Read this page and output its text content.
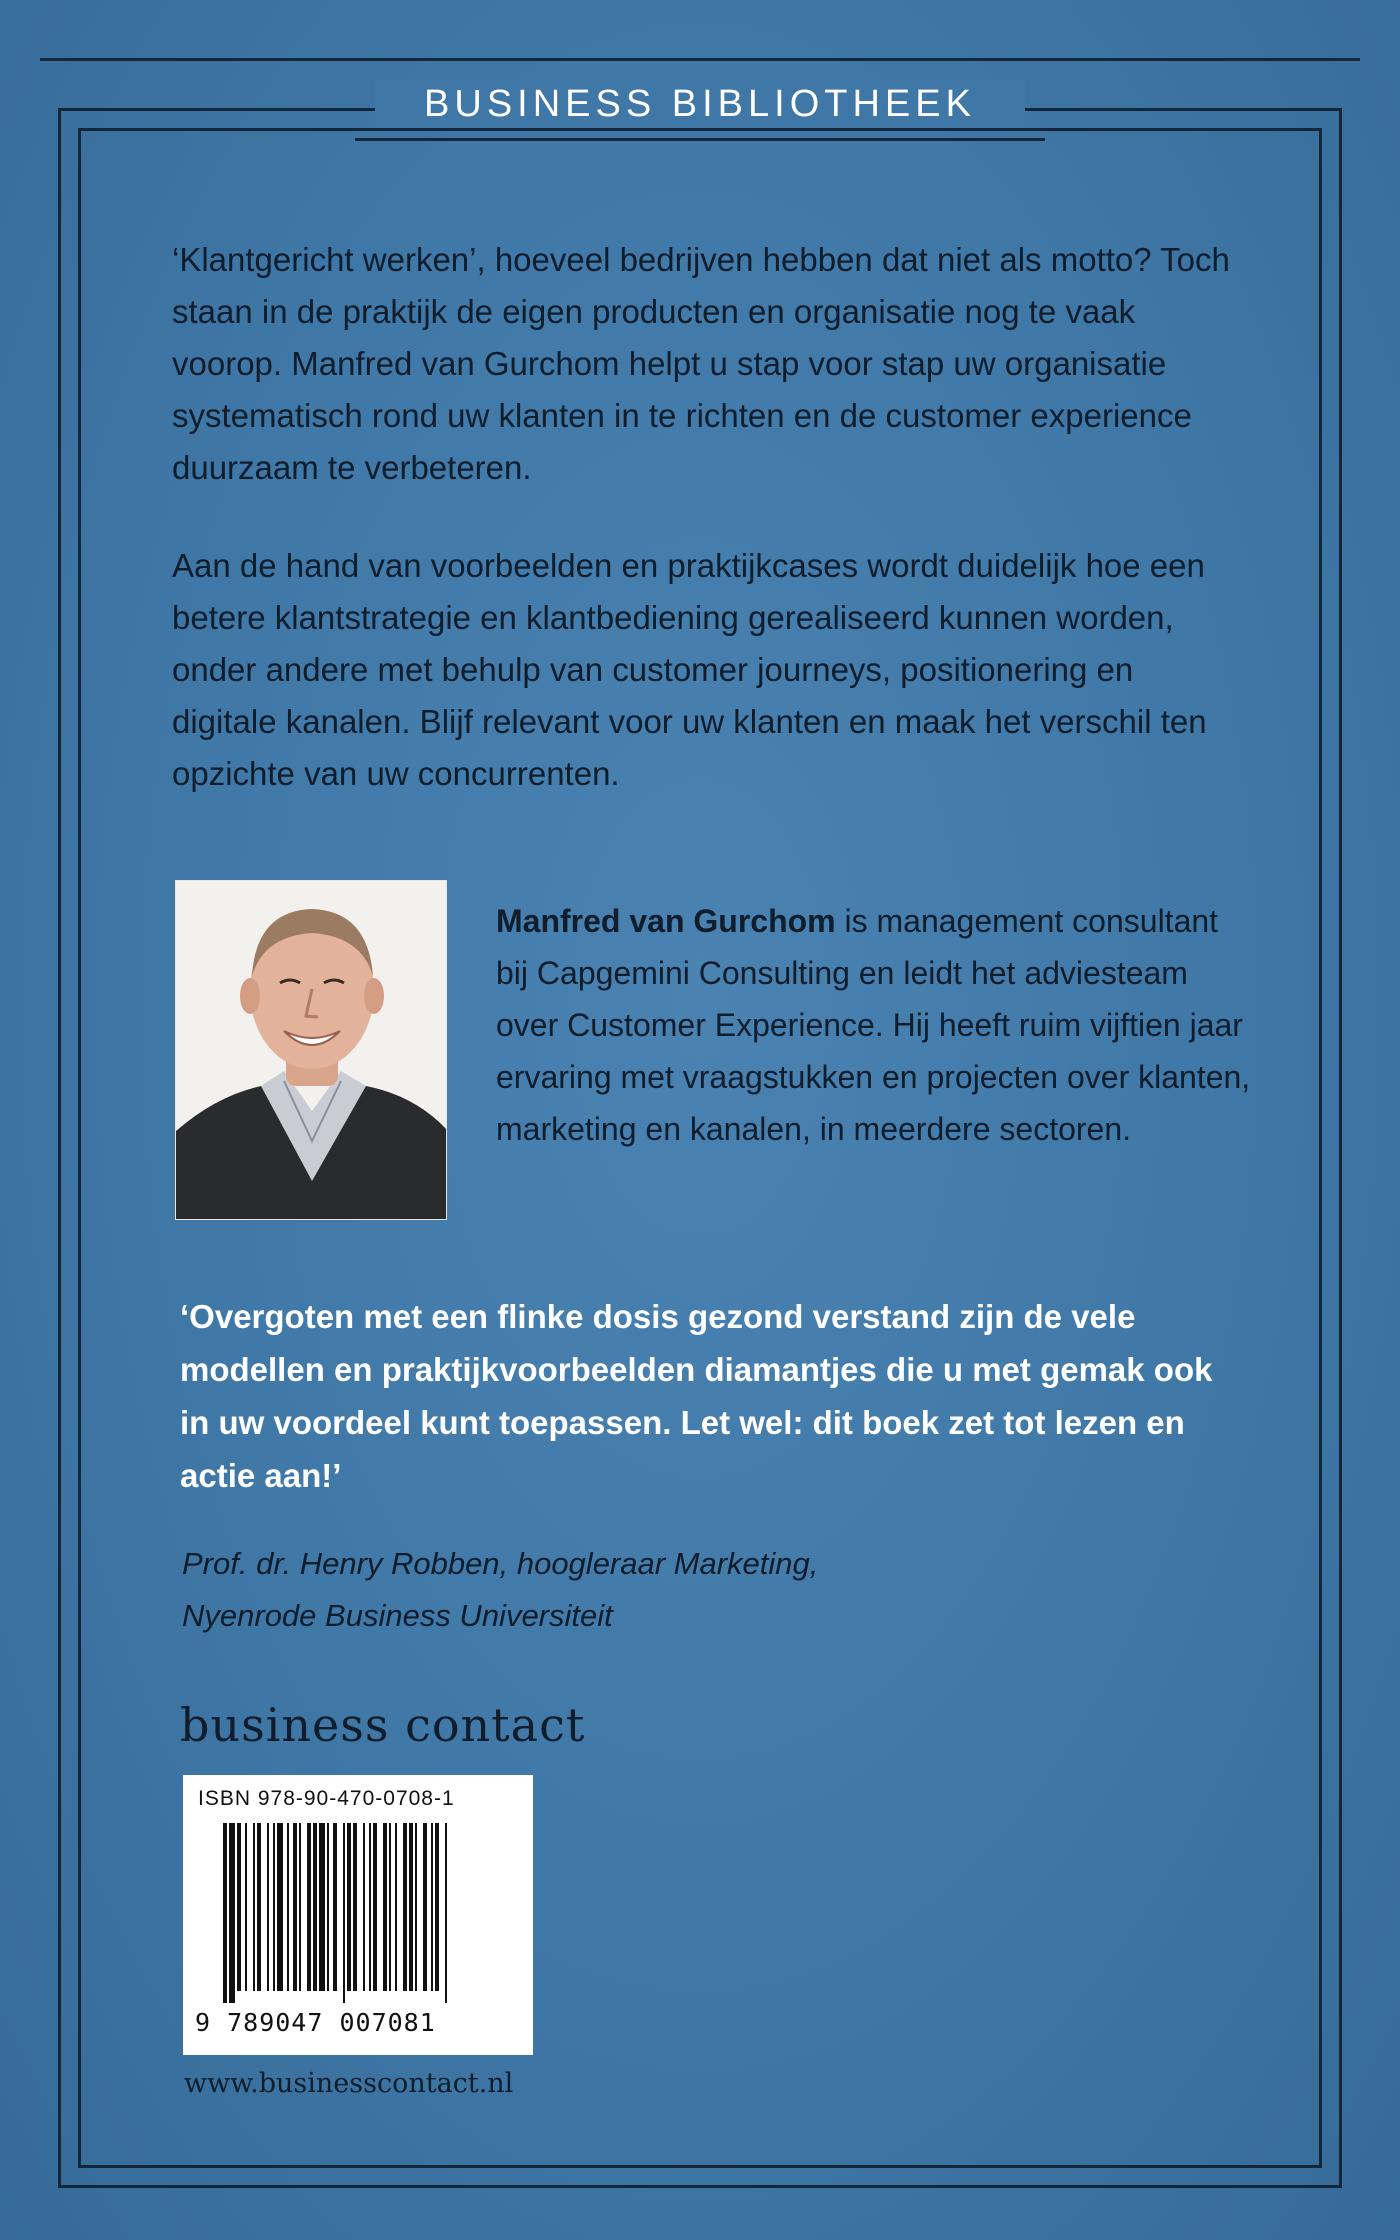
BUSINESS BIBLIOTHEEK

‘Klantgericht werken’, hoeveel bedrijven hebben dat niet als motto? Toch staan in de praktijk de eigen producten en organisatie nog te vaak voorop. Manfred van Gurchom helpt u stap voor stap uw organisatie systematisch rond uw klanten in te richten en de customer experience duurzaam te verbeteren.

Aan de hand van voorbeelden en praktijkcases wordt duidelijk hoe een betere klantstrategie en klantbediening gerealiseerd kunnen worden, onder andere met behulp van customer journeys, positionering en digitale kanalen. Blijf relevant voor uw klanten en maak het verschil ten opzichte van uw concurrenten.

Manfred van Gurchom is management consultant bij Capgemini Consulting en leidt het adviesteam over Customer Experience. Hij heeft ruim vijftien jaar ervaring met vraagstukken en projecten over klanten, marketing en kanalen, in meerdere sectoren.

‘Overgoten met een flinke dosis gezond verstand zijn de vele modellen en praktijkvoorbeelden diamantjes die u met gemak ook in uw voordeel kunt toepassen. Let wel: dit boek zet tot lezen en actie aan!’

Prof. dr. Henry Robben, hoogleraar Marketing,
Nyenrode Business Universiteit
business contact
ISBN 978-90-470-0708-1
9 789047 007081
www.businesscontact.nl
